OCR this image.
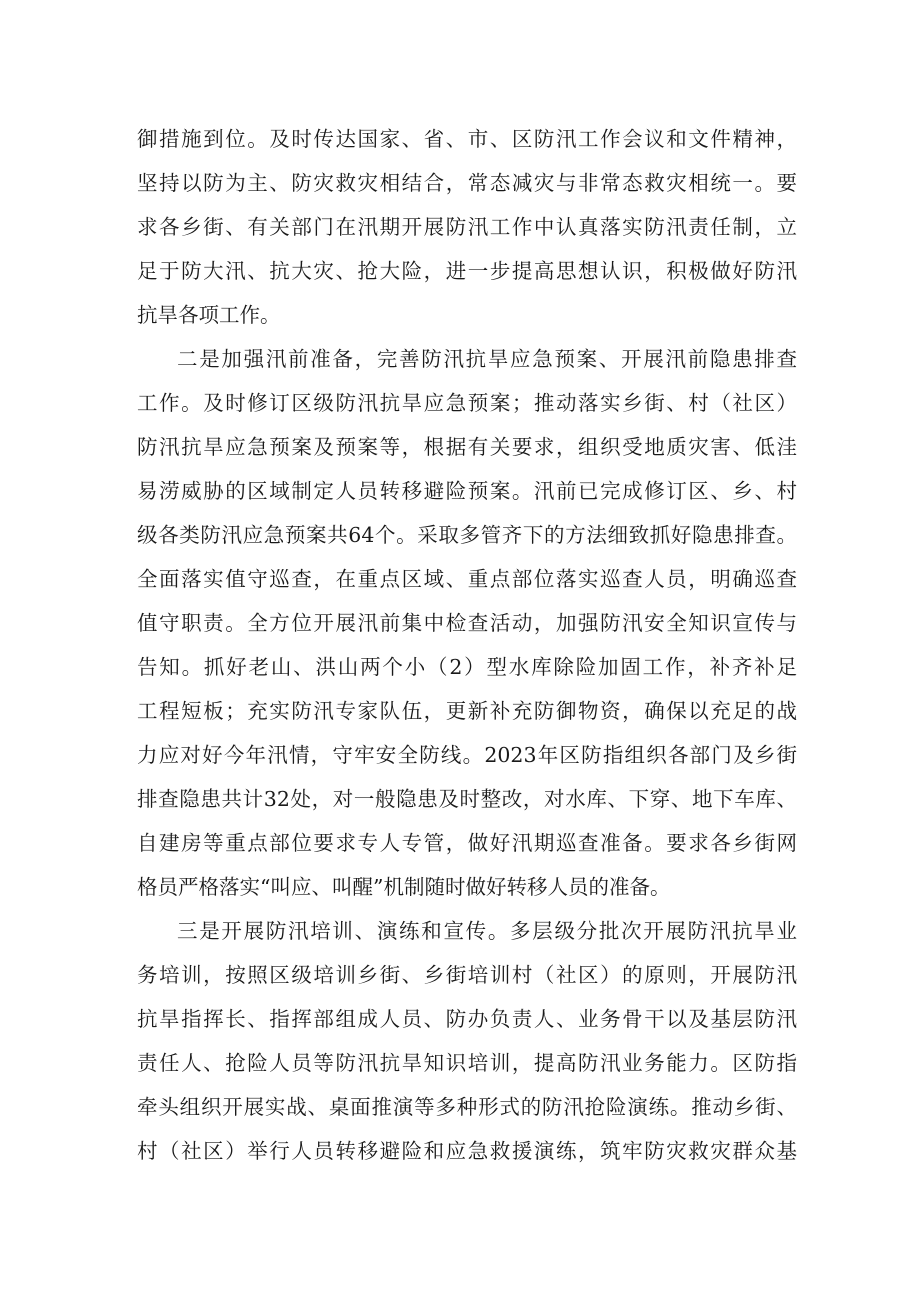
御措施到位。及时传达国家、省、市、区防汛工作会议和文件精神，
坚持以防为主、防灾救灾相结合，常态减灾与非常态救灾相统一。要
求各乡街、有关部门在汛期开展防汛工作中认真落实防汛责任制，立
足于防大汛、抗大灾、抢大险，进一步提高思想认识，积极做好防汛
抗旱各项工作。
二是加强汛前准备，完善防汛抗旱应急预案、开展汛前隐患排查
工作。及时修订区级防汛抗旱应急预案；推动落实乡街、村（社区）
防汛抗旱应急预案及预案等，根据有关要求，组织受地质灾害、低洼
易涝威胁的区域制定人员转移避险预案。汛前已完成修订区、乡、村
级各类防汛应急预案共64个。采取多管齐下的方法细致抓好隐患排查。
全面落实值守巡查，在重点区域、重点部位落实巡查人员，明确巡查
值守职责。全方位开展汛前集中检查活动，加强防汛安全知识宣传与
告知。抓好老山、洪山两个小（2）型水库除险加固工作，补齐补足
工程短板；充实防汛专家队伍，更新补充防御物资，确保以充足的战
力应对好今年汛情，守牢安全防线。2023年区防指组织各部门及乡街
排查隐患共计32处，对一般隐患及时整改，对水库、下穿、地下车库、
自建房等重点部位要求专人专管，做好汛期巡查准备。要求各乡街网
格员严格落实“叫应、叫醒”机制随时做好转移人员的准备。
三是开展防汛培训、演练和宣传。多层级分批次开展防汛抗旱业
务培训，按照区级培训乡街、乡街培训村（社区）的原则，开展防汛
抗旱指挥长、指挥部组成人员、防办负责人、业务骨干以及基层防汛
责任人、抢险人员等防汛抗旱知识培训，提高防汛业务能力。区防指
牵头组织开展实战、桌面推演等多种形式的防汛抢险演练。推动乡街、
村（社区）举行人员转移避险和应急救援演练，筑牢防灾救灾群众基
